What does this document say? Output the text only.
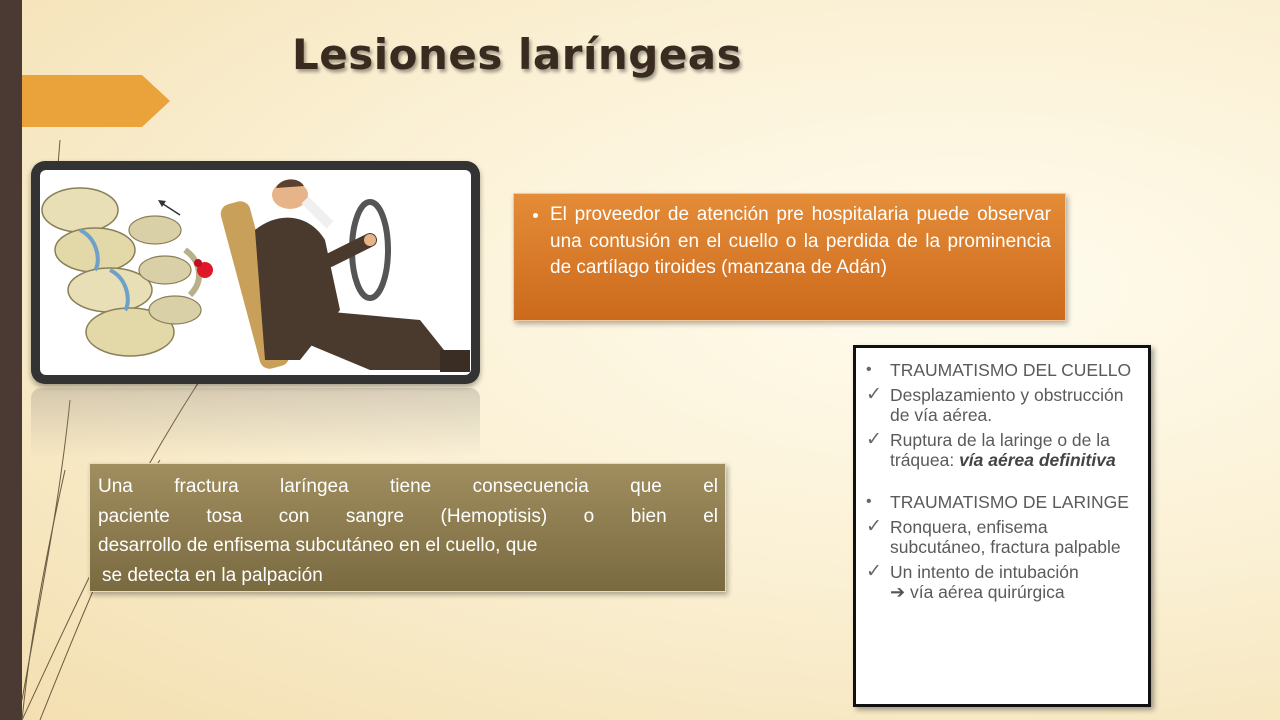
Lesiones laríngeas
• El proveedor de atención pre hospitalaria puede observar una contusión en el cuello o la perdida de la prominencia de cartílago tiroides (manzana de Adán)

Una fractura laríngea tiene consecuencia que el
paciente tosa con sangre (Hemoptisis) o bien el
desarrollo de enfisema subcutáneo en el cuello, que
se detecta en la palpación

•	TRAUMATISMO DEL CUELLO
✓ Desplazamiento y obstrucción de vía aérea.
✓ Ruptura de la laringe o de la tráquea: vía aérea definitiva
•	TRAUMATISMO DE LARINGE
✓ Ronquera, enfisema subcutáneo, fractura palpable
✓ Un intento de intubación
➔ vía aérea quirúrgica
